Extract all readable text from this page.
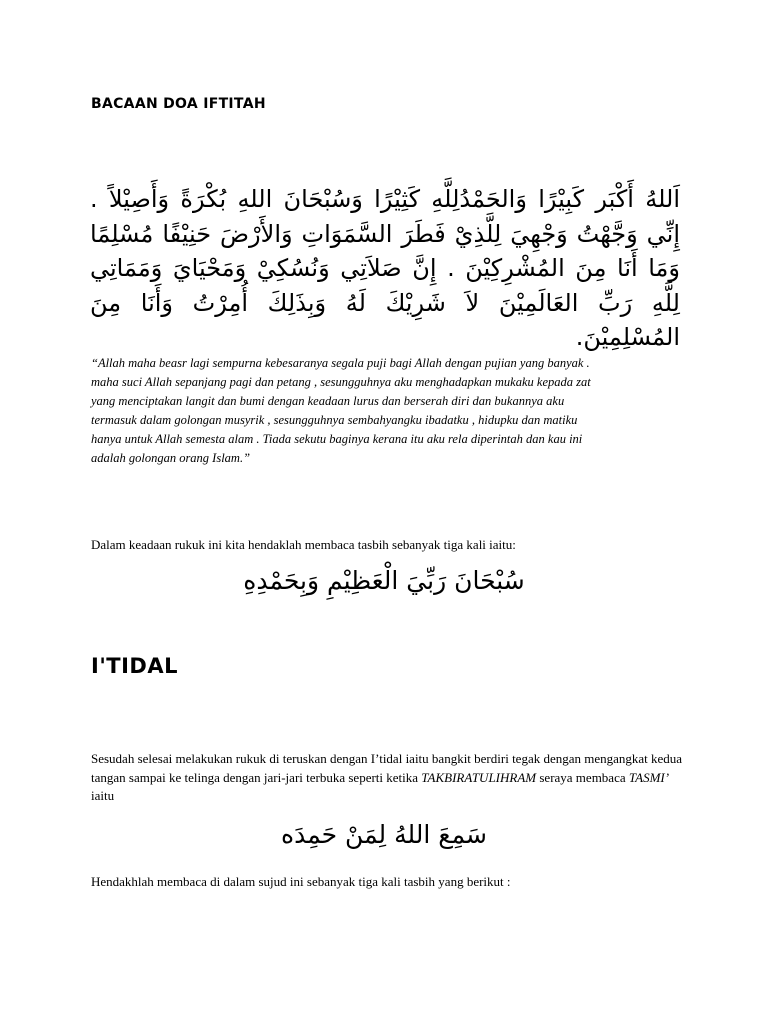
BACAAN DOA IFTITAH

اَللهُ أَكْبَر كَبِيْرًا وَالحَمْدُلِلَّهِ كَثِيْرًا وَسُبْحَانَ اللهِ بُكْرَةً وَأَصِيْلاً . إِنِّي وَجَّهْتُ وَجْهِيَ لِلَّذِيْ فَطَرَ السَّمَوَاتِ وَالأَرْضَ حَنِيْفًا مُسْلِمًا وَمَا أَنَا مِنَ المُشْرِكِيْنَ . إِنَّ صَلاَتِي وَنُسُكِيْ وَمَحْيَايَ وَمَمَاتِي لِلَّهِ رَبِّ العَالَمِيْنَ لاَ شَرِيْكَ لَهُ وَبِذَلِكَ أُمِرْتُ وَأَنَا مِنَ المُسْلِمِيْنَ.

“Allah maha beasr lagi sempurna kebesaranya segala puji bagi Allah dengan pujian yang banyak . maha suci Allah sepanjang pagi dan petang , sesungguhnya aku menghadapkan mukaku kepada zat yang menciptakan langit dan bumi dengan keadaan lurus dan berserah diri dan bukannya aku termasuk dalam golongan musyrik , sesungguhnya sembahyangku ibadatku , hidupku dan matiku hanya untuk Allah semesta alam . Tiada sekutu baginya kerana itu aku rela diperintah dan kau ini adalah golongan orang Islam.”

Dalam keadaan rukuk ini kita hendaklah membaca tasbih sebanyak tiga kali iaitu:

سُبْحَانَ رَبِّيَ الْعَظِيْمِ وَبِحَمْدِهِ

I'TIDAL

Sesudah selesai melakukan rukuk di teruskan dengan I’tidal iaitu bangkit berdiri tegak dengan mengangkat kedua tangan sampai ke telinga dengan jari-jari terbuka seperti ketika TAKBIRATULIHRAM seraya membaca TASMI’ iaitu

سَمِعَ اللهُ لِمَنْ حَمِدَه

Hendakhlah membaca di dalam sujud ini sebanyak tiga kali tasbih yang berikut :
